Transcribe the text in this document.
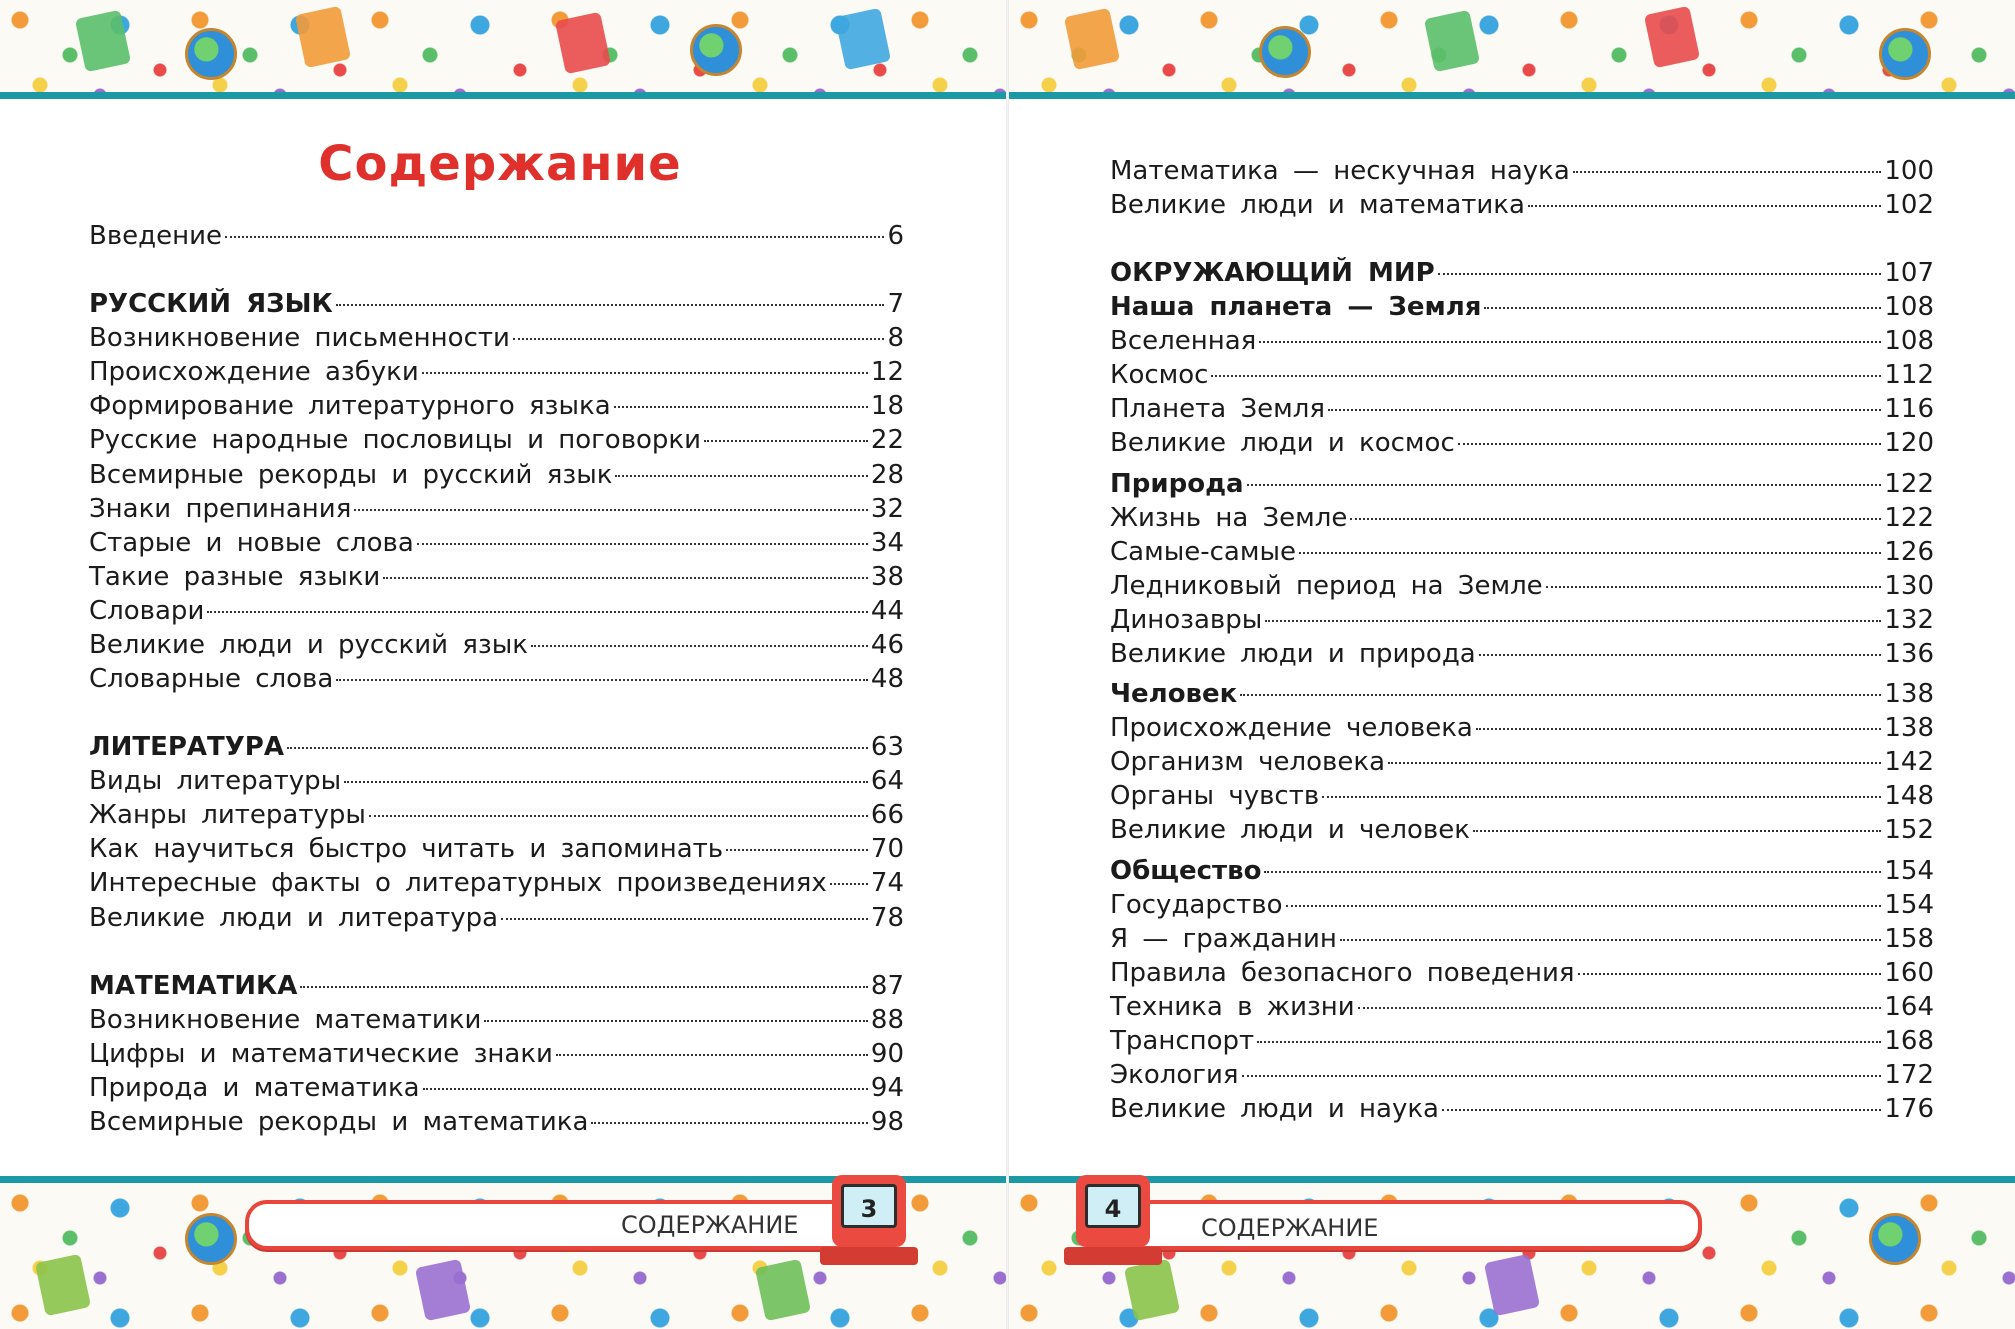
Содержание
Введение	6
РУССКИЙ ЯЗЫК	7
Возникновение письменности	8
Происхождение азбуки	12
Формирование литературного языка	18
Русские народные пословицы и поговорки	22
Всемирные рекорды и русский язык	28
Знаки препинания	32
Старые и новые слова	34
Такие разные языки	38
Словари	44
Великие люди и русский язык	46
Словарные слова	48
ЛИТЕРАТУРА	63
Виды литературы	64
Жанры литературы	66
Как научиться быстро читать и запоминать	70
Интересные факты о литературных произведениях 74
Великие люди и литература	78
МАТЕМАТИКА	87
Возникновение математики	88
Цифры и математические знаки	90
Природа и математика	94
Всемирные рекорды и математика	98
СОДЕРЖАНИЕ
3
Математика — нескучная наука	100
Великие люди и математика	102
ОКРУЖАЮЩИЙ МИР	107
Наша планета — Земля	108
Вселенная	108
Космос	112
Планета Земля	116
Великие люди и космос	120
Природа	122
Жизнь на Земле	122
Самые-самые	126
Ледниковый период на Земле	130
Динозавры	132
Великие люди и природа	136
Человек	138
Происхождение человека	138
Организм человека	142
Органы чувств	148
Великие люди и человек	152
Общество	154
Государство	154
Я — гражданин	158
Правила безопасного поведения	160
Техника в жизни	164
Транспорт	168
Экология	172
Великие люди и наука	176
СОДЕРЖАНИЕ
4
